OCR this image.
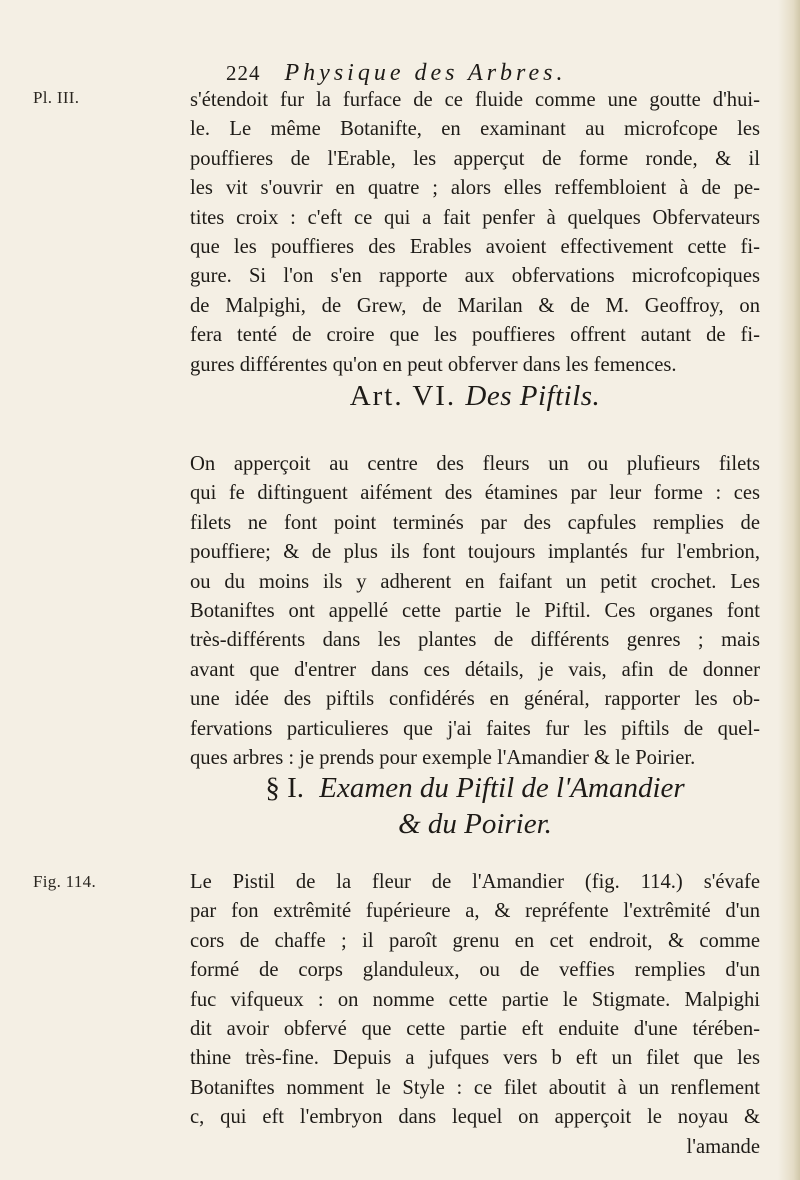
Pl. III.
224 Physique des Arbres.
s'étendoit fur la furface de ce fluide comme une goutte d'hui-
le. Le même Botanifte, en examinant au microfcope les
pouffieres de l'Erable, les apperçut de forme ronde, & il
les vit s'ouvrir en quatre ; alors elles reffembloient à de pe-
tites croix : c'eft ce qui a fait penfer à quelques Obfervateurs
que les pouffieres des Erables avoient effectivement cette fi-
gure. Si l'on s'en rapporte aux obfervations microfcopiques
de Malpighi, de Grew, de Marilan & de M. Geoffroy, on
fera tenté de croire que les pouffieres offrent autant de fi-
gures différentes qu'on en peut obferver dans les femences.
Art. VI. Des Piftils.
On apperçoit au centre des fleurs un ou plufieurs filets
qui fe diftinguent aifément des étamines par leur forme : ces
filets ne font point terminés par des capfules remplies de
pouffiere; & de plus ils font toujours implantés fur l'embrion,
ou du moins ils y adherent en faifant un petit crochet. Les
Botaniftes ont appellé cette partie le Piftil. Ces organes font
très-différents dans les plantes de différents genres ; mais
avant que d'entrer dans ces détails, je vais, afin de donner
une idée des piftils confidérés en général, rapporter les ob-
fervations particulieres que j'ai faites fur les piftils de quel-
ques arbres : je prends pour exemple l'Amandier & le Poirier.
§ I. Examen du Piftil de l'Amandier
& du Poirier.
Fig. 114.	Le Pistil de la fleur de l'Amandier (fig. 114.) s'évafe
par fon extrêmité fupérieure a, & repréfente l'extrêmité d'un
cors de chaffe ; il paroît grenu en cet endroit, & comme
formé de corps glanduleux, ou de veffies remplies d'un
fuc vifqueux : on nomme cette partie le Stigmate. Malpighi
dit avoir obfervé que cette partie eft enduite d'une térében-
thine très-fine. Depuis a jufques vers b eft un filet que les
Botaniftes nomment le Style : ce filet aboutit à un renflement
c, qui eft l'embryon dans lequel on apperçoit le noyau &
l'amande
